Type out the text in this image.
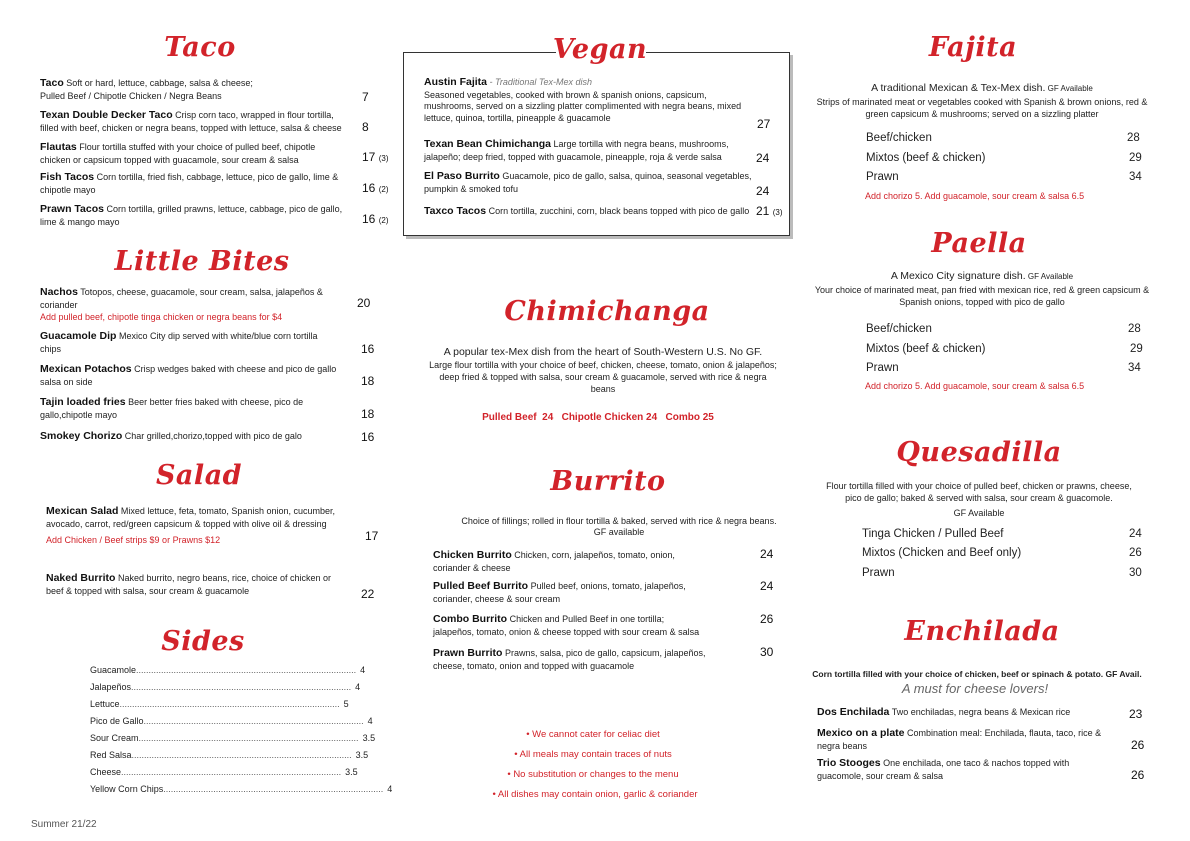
Taco
Taco Soft or hard, lettuce, cabbage, salsa & cheese;
Pulled Beef / Chipotle Chicken / Negra Beans	7
Texan Double Decker Taco Crisp corn taco, wrapped in flour tortilla,
filled with beef, chicken or negra beans, topped with lettuce, salsa & cheese	8
Flautas Flour tortilla stuffed with your choice of pulled beef, chipotle
chicken or capsicum topped with guacamole, sour cream & salsa	17 (3)
Fish Tacos Corn tortilla, fried fish, cabbage, lettuce, pico de gallo, lime &
chipotle mayo	16 (2)
Prawn Tacos Corn tortilla, grilled prawns, lettuce, cabbage, pico de gallo,
lime & mango mayo	16 (2)
Little Bites
Nachos Totopos, cheese, guacamole, sour cream, salsa, jalapeños &
coriander
Add pulled beef, chipotle tinga chicken or negra beans for $4
20
Guacamole Dip Mexico City dip served with white/blue corn tortilla
chips	16
Mexican Potachos Crisp wedges baked with cheese and pico de gallo
salsa on side	18
Tajin loaded fries Beer better fries baked with cheese, pico de
gallo,chipotle mayo	18
Smokey Chorizo Char grilled,chorizo,topped with pico de galo	16
Salad
Mexican Salad Mixed lettuce, feta, tomato, Spanish onion, cucumber,
avocado, carrot, red/green capsicum & topped with olive oil & dressing
Add Chicken / Beef strips $9 or Prawns $12	17
Naked Burrito Naked burrito, negro beans, rice, choice of chicken or
beef & topped with salsa, sour cream & guacamole	22
Sides
Guacamole ........................................................................................ 4
Jalapeños ........................................................................................ 4
Lettuce ........................................................................................ 5
Pico de Gallo ........................................................................................ 4
Sour Cream ........................................................................................ 3.5
Red Salsa ........................................................................................ 3.5
Cheese ........................................................................................ 3.5
Yellow Corn Chips ........................................................................................ 4
Summer 21/22
Vegan
Austin Fajita - Traditional Tex-Mex dish
Seasoned vegetables, cooked with brown & spanish onions, capsicum, mushrooms, served on a sizzling platter complimented with negra beans, mixed lettuce, quinoa, tortilla, pineapple & guacamole	27
Texan Bean Chimichanga Large tortilla with negra beans, mushrooms,
jalapeño; deep fried, topped with guacamole, pineapple, roja & verde salsa	24
El Paso Burrito Guacamole, pico de gallo, salsa, quinoa, seasonal vegetables,
pumpkin & smoked tofu	24
Taxco Tacos Corn tortilla, zucchini, corn, black beans topped with pico de gallo 21 (3)
Chimichanga
A popular tex-Mex dish from the heart of South-Western U.S. No GF.
Large flour tortilla with your choice of beef, chicken, cheese, tomato, onion & jalapeños; deep fried & topped with salsa, sour cream & guacamole, served with rice & negra beans
Pulled Beef  24   Chipotle Chicken 24   Combo 25
Burrito
Choice of fillings; rolled in flour tortilla & baked, served with rice & negra beans.
GF available
Chicken Burrito Chicken, corn, jalapeños, tomato, onion,
coriander & cheese
24
Pulled Beef Burrito Pulled beef, onions, tomato, jalapeños,
coriander, cheese & sour cream
24
Combo Burrito Chicken and Pulled Beef in one tortilla;
jalapeños, tomato, onion & cheese topped with sour cream & salsa
26
Prawn Burrito Prawns, salsa, pico de gallo, capsicum, jalapeños,
cheese, tomato, onion and topped with guacamole
30
• We cannot cater for celiac diet
• All meals may contain traces of nuts
• No substitution or changes to the menu
• All dishes may contain onion, garlic & coriander
Fajita
A traditional Mexican & Tex-Mex dish. GF Available
Strips of marinated meat or vegetables cooked with Spanish & brown onions, red & green capsicum & mushrooms; served on a sizzling platter
Beef/chicken	28
Mixtos (beef & chicken)	29
Prawn	34
Add chorizo 5. Add guacamole, sour cream & salsa 6.5
Paella
A Mexico City signature dish. GF Available
Your choice of marinated meat, pan fried with mexican rice, red & green capsicum & Spanish onions, topped with pico de gallo
Beef/chicken	28
Mixtos (beef & chicken)	29
Prawn	34
Add chorizo 5. Add guacamole, sour cream & salsa 6.5
Quesadilla
Flour tortilla filled with your choice of pulled beef, chicken or prawns, cheese, pico de gallo; baked & served with salsa, sour cream & guacomole.
GF Available
Tinga Chicken / Pulled Beef	24
Mixtos (Chicken and Beef only)	26
Prawn	30
Enchilada
Corn tortilla filled with your choice of chicken, beef or spinach & potato. GF Avail.
A must for cheese lovers!
Dos Enchilada Two enchiladas, negra beans & Mexican rice	23
Mexico on a plate Combination meal: Enchilada, flauta, taco, rice &
negra beans	26
Trio Stooges One enchilada, one taco & nachos topped with
guacomole, sour cream & salsa	26
